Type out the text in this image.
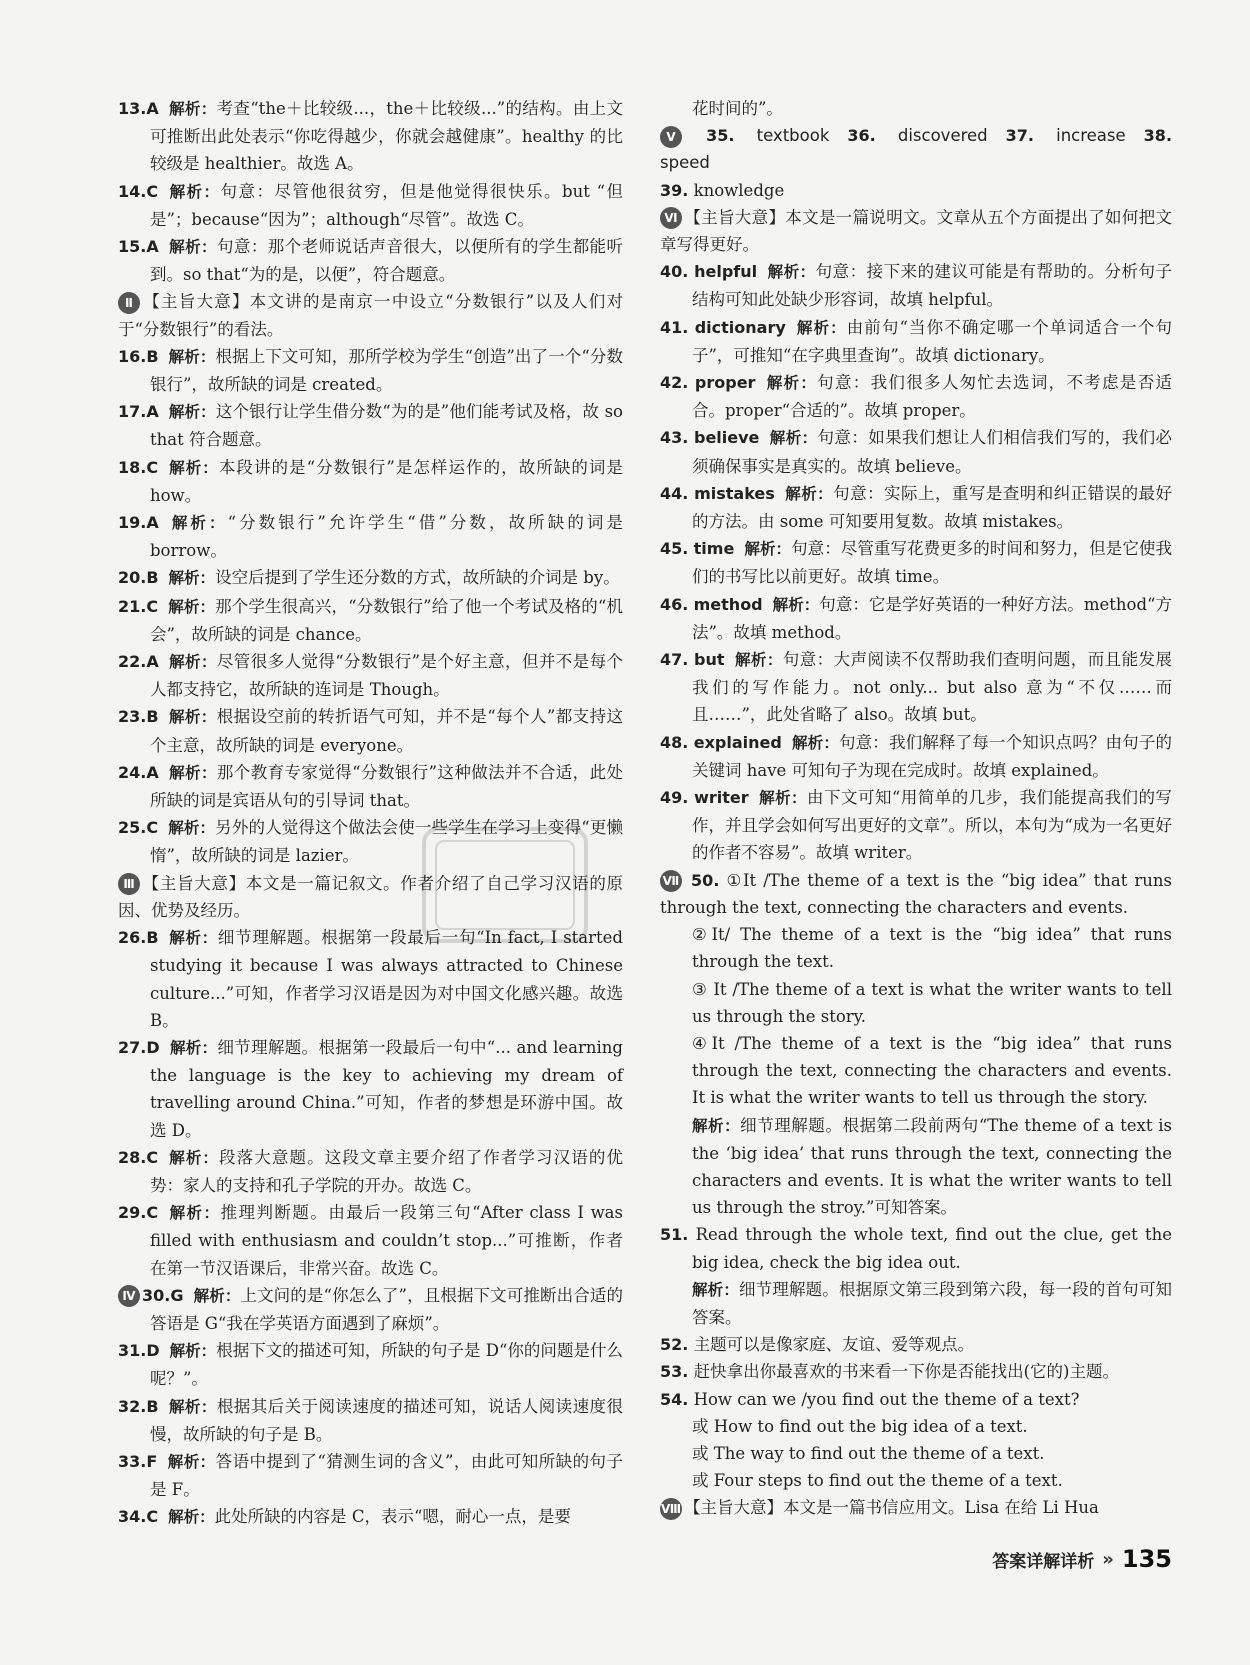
13.A 解析：考查“the＋比较级...，the＋比较级...”的结构。由上文可推断出此处表示“你吃得越少，你就会越健康”。healthy 的比较级是 healthier。故选 A。

14.C 解析：句意：尽管他很贫穷，但是他觉得很快乐。but “但是”；because“因为”；although“尽管”。故选 C。

15.A 解析：句意：那个老师说话声音很大，以便所有的学生都能听到。so that“为的是，以便”，符合题意。

Ⅱ 【主旨大意】本文讲的是南京一中设立“分数银行”以及人们对于“分数银行”的看法。

16.B 解析：根据上下文可知，那所学校为学生“创造”出了一个“分数银行”，故所缺的词是 created。

17.A 解析：这个银行让学生借分数“为的是”他们能考试及格，故 so that 符合题意。

18.C 解析：本段讲的是“分数银行”是怎样运作的，故所缺的词是 how。

19.A 解析：“分数银行”允许学生“借”分数，故所缺的词是 borrow。

20.B 解析：设空后提到了学生还分数的方式，故所缺的介词是 by。

21.C 解析：那个学生很高兴，“分数银行”给了他一个考试及格的“机会”，故所缺的词是 chance。

22.A 解析：尽管很多人觉得“分数银行”是个好主意，但并不是每个人都支持它，故所缺的连词是 Though。

23.B 解析：根据设空前的转折语气可知，并不是“每个人”都支持这个主意，故所缺的词是 everyone。

24.A 解析：那个教育专家觉得“分数银行”这种做法并不合适，此处所缺的词是宾语从句的引导词 that。

25.C 解析：另外的人觉得这个做法会使一些学生在学习上变得“更懒惰”，故所缺的词是 lazier。

Ⅲ 【主旨大意】本文是一篇记叙文。作者介绍了自己学习汉语的原因、优势及经历。

26.B 解析：细节理解题。根据第一段最后一句“In fact, I started studying it because I was always attracted to Chinese culture...”可知，作者学习汉语是因为对中国文化感兴趣。故选 B。

27.D 解析：细节理解题。根据第一段最后一句中“... and learning the language is the key to achieving my dream of travelling around China.”可知，作者的梦想是环游中国。故选 D。

28.C 解析：段落大意题。这段文章主要介绍了作者学习汉语的优势：家人的支持和孔子学院的开办。故选 C。

29.C 解析：推理判断题。由最后一段第三句“After class I was filled with enthusiasm and couldn’t stop...”可推断，作者在第一节汉语课后，非常兴奋。故选 C。

Ⅳ 30.G 解析：上文问的是“你怎么了”，且根据下文可推断出合适的答语是 G“我在学英语方面遇到了麻烦”。

31.D 解析：根据下文的描述可知，所缺的句子是 D“你的问题是什么呢？”。

32.B 解析：根据其后关于阅读速度的描述可知，说话人阅读速度很慢，故所缺的句子是 B。

33.F 解析：答语中提到了“猜测生词的含义”，由此可知所缺的句子是 F。

34.C 解析：此处所缺的内容是 C，表示“嗯，耐心一点，是要

花时间的”。

Ⅴ 35. textbook 36. discovered 37. increase 38. speed

39. knowledge

Ⅵ 【主旨大意】本文是一篇说明文。文章从五个方面提出了如何把文章写得更好。

40. helpful 解析：句意：接下来的建议可能是有帮助的。分析句子结构可知此处缺少形容词，故填 helpful。

41. dictionary 解析：由前句“当你不确定哪一个单词适合一个句子”，可推知“在字典里查询”。故填 dictionary。

42. proper 解析：句意：我们很多人匆忙去选词，不考虑是否适合。proper“合适的”。故填 proper。

43. believe 解析：句意：如果我们想让人们相信我们写的，我们必须确保事实是真实的。故填 believe。

44. mistakes 解析：句意：实际上，重写是查明和纠正错误的最好的方法。由 some 可知要用复数。故填 mistakes。

45. time 解析：句意：尽管重写花费更多的时间和努力，但是它使我们的书写比以前更好。故填 time。

46. method 解析：句意：它是学好英语的一种好方法。method“方法”。故填 method。

47. but 解析：句意：大声阅读不仅帮助我们查明问题，而且能发展我们的写作能力。not only... but also 意为“不仅……而且……”，此处省略了 also。故填 but。

48. explained 解析：句意：我们解释了每一个知识点吗？由句子的关键词 have 可知句子为现在完成时。故填 explained。

49. writer 解析：由下文可知“用简单的几步，我们能提高我们的写作，并且学会如何写出更好的文章”。所以，本句为“成为一名更好的作者不容易”。故填 writer。

Ⅶ 50. ①It /The theme of a text is the “big idea” that runs through the text, connecting the characters and events.

②It/ The theme of a text is the “big idea” that runs through the text.

③ It /The theme of a text is what the writer wants to tell us through the story.

④It /The theme of a text is the “big idea” that runs through the text, connecting the characters and events. It is what the writer wants to tell us through the story.

解析：细节理解题。根据第二段前两句“The theme of a text is the ‘big idea’ that runs through the text, connecting the characters and events. It is what the writer wants to tell us through the stroy.”可知答案。

51. Read through the whole text, find out the clue, get the big idea, check the big idea out.

解析：细节理解题。根据原文第三段到第六段，每一段的首句可知答案。

52. 主题可以是像家庭、友谊、爱等观点。

53. 赶快拿出你最喜欢的书来看一下你是否能找出(它的)主题。

54. How can we /you find out the theme of a text?

或 How to find out the big idea of a text.

或 The way to find out the theme of a text.

或 Four steps to find out the theme of a text.

Ⅷ 【主旨大意】本文是一篇书信应用文。Lisa 在给 Li Hua

答案详解详析 » 135
